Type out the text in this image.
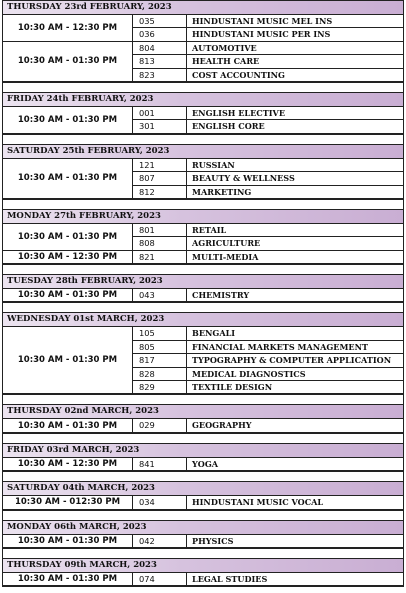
THURSDAY 23rd FEBRUARY, 2023
10:30 AM - 12:30 PM
035	HINDUSTANI MUSIC MEL INS
036	HINDUSTANI MUSIC PER INS
10:30 AM - 01:30 PM
804	AUTOMOTIVE
813	HEALTH CARE
823	COST ACCOUNTING
FRIDAY 24th FEBRUARY, 2023
10:30 AM - 01:30 PM
001	ENGLISH ELECTIVE
301	ENGLISH CORE
SATURDAY 25th FEBRUARY, 2023
10:30 AM - 01:30 PM
121	RUSSIAN
807	BEAUTY & WELLNESS
812	MARKETING
MONDAY 27th FEBRUARY, 2023
10:30 AM - 01:30 PM
801	RETAIL
808	AGRICULTURE
10:30 AM - 12:30 PM	821	MULTI-MEDIA
TUESDAY 28th FEBRUARY, 2023
10:30 AM - 01:30 PM	043	CHEMISTRY
WEDNESDAY 01st MARCH, 2023
10:30 AM - 01:30 PM
105	BENGALI
805	FINANCIAL MARKETS MANAGEMENT
817	TYPOGRAPHY & COMPUTER APPLICATION
828	MEDICAL DIAGNOSTICS
829	TEXTILE DESIGN
THURSDAY 02nd MARCH, 2023
10:30 AM - 01:30 PM	029	GEOGRAPHY
FRIDAY 03rd MARCH, 2023
10:30 AM - 12:30 PM	841	YOGA
SATURDAY 04th MARCH, 2023
10:30 AM - 012:30 PM	034	HINDUSTANI MUSIC VOCAL
MONDAY 06th MARCH, 2023
10:30 AM - 01:30 PM	042	PHYSICS
THURSDAY 09th MARCH, 2023
10:30 AM - 01:30 PM	074	LEGAL STUDIES
